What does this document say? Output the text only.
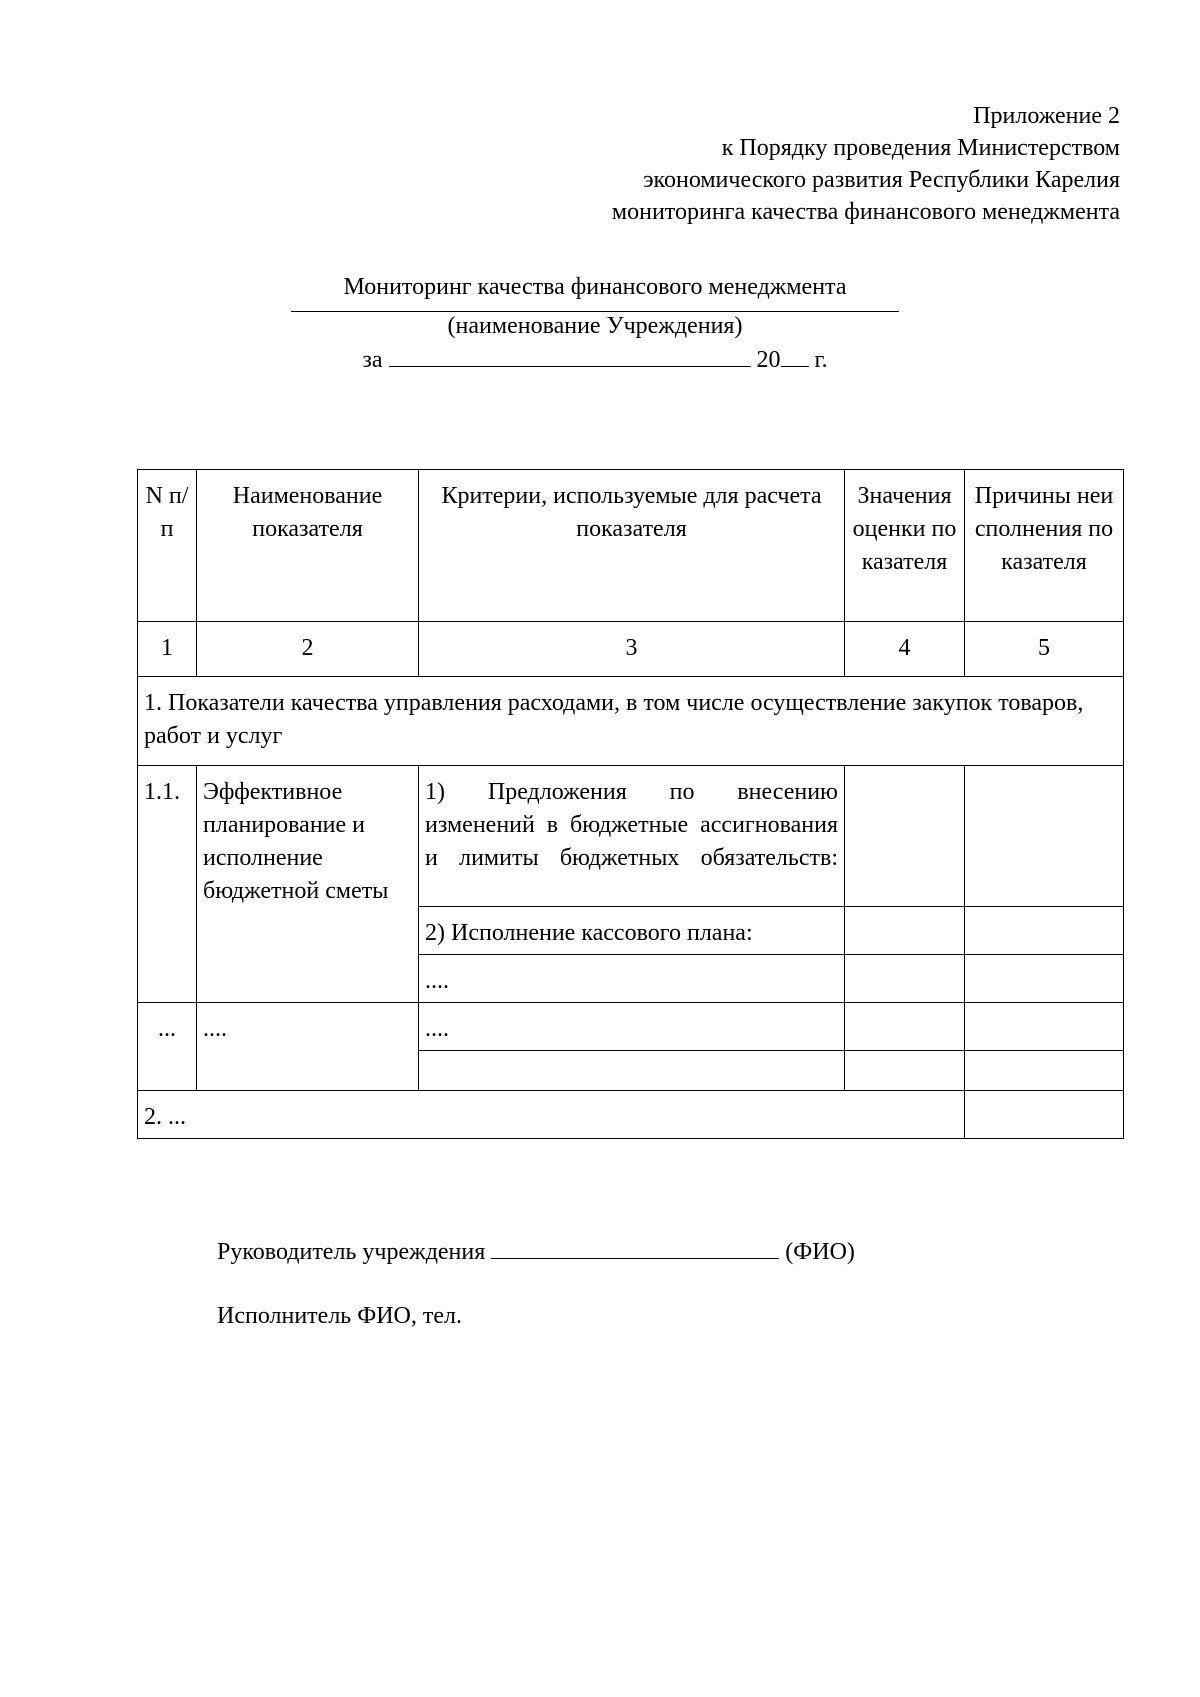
Приложение 2
к Порядку проведения Министерством
экономического развития Республики Карелия
мониторинга качества финансового менеджмента
Мониторинг качества финансового менеджмента
(наименование Учреждения)
за	20 г.
N п/п	Наименование показателя	Критерии, используемые для расчета показателя	Значения оценки показателя	Причины неисполнения показателя
1	2	3	4	5
1. Показатели качества управления расходами, в том числе осуществление закупок товаров, работ и услуг				
1.1.	Эффективное планирование и исполнение бюджетной сметы	1) Предложения по внесению изменений в бюджетные ассигнования и лимиты бюджетных обязательств:		
		2) Исполнение кассового плана:		
		....		
...	....	....		

2. ...				
Руководитель учреждения	(ФИО)
Исполнитель ФИО, тел.
